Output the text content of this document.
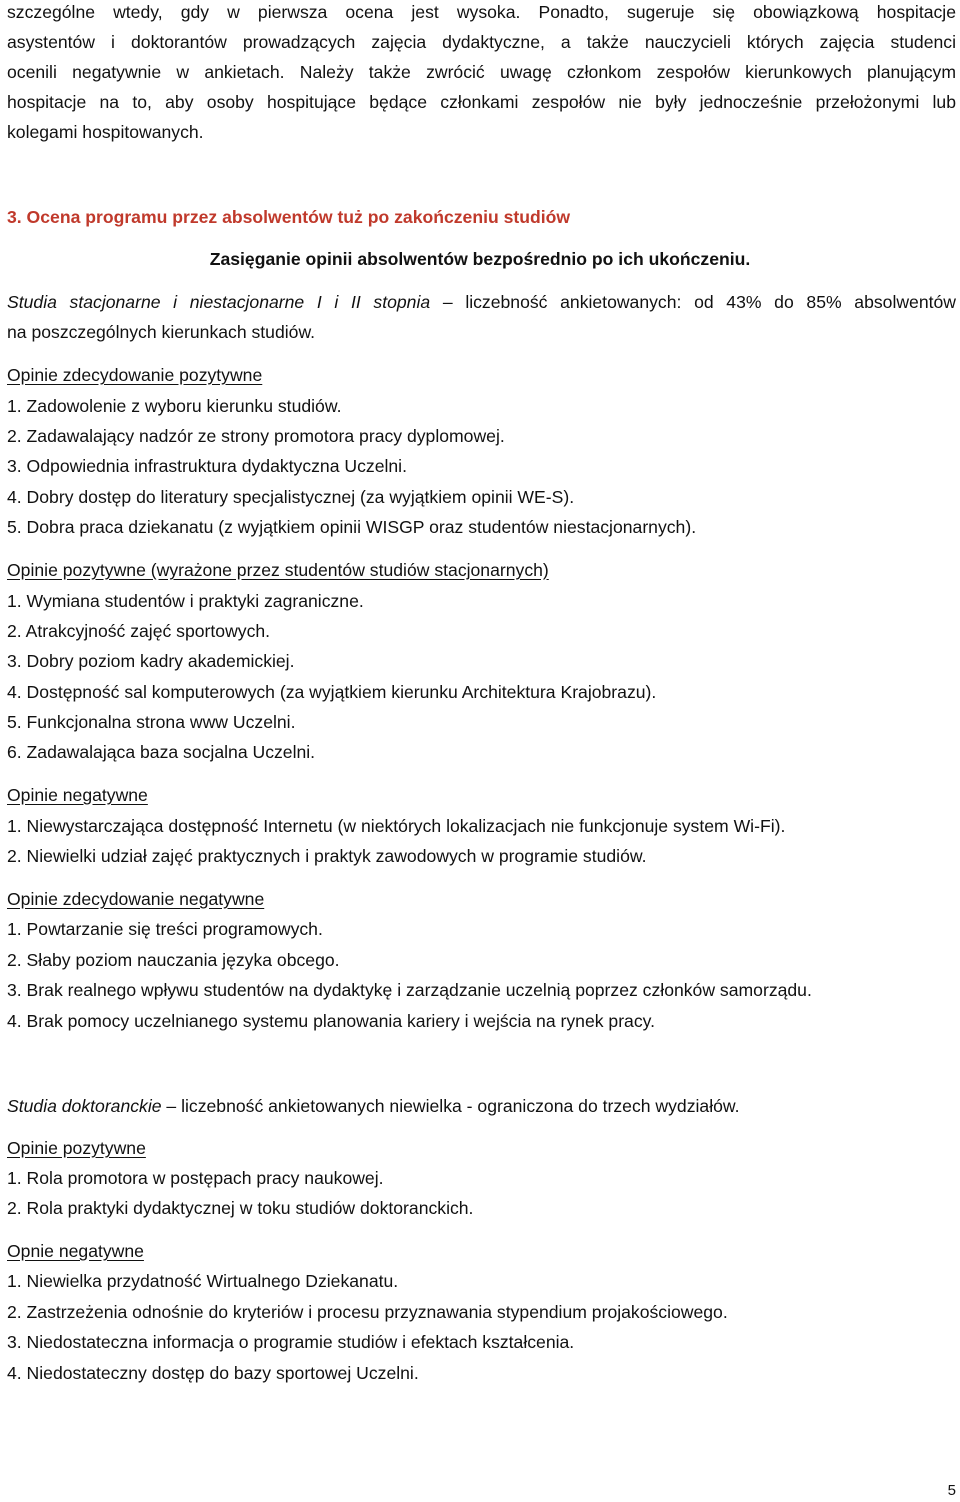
szczególne wtedy, gdy w pierwsza ocena jest wysoka. Ponadto, sugeruje się obowiązkową hospitacje
asystentów i doktorantów prowadzących zajęcia dydaktyczne, a także nauczycieli których zajęcia studenci
ocenili negatywnie w ankietach. Należy także zwrócić uwagę członkom zespołów kierunkowych planującym
hospitacje na to, aby osoby hospitujące będące członkami zespołów nie były jednocześnie przełożonymi lub
kolegami hospitowanych.
3. Ocena programu przez absolwentów tuż po zakończeniu studiów
Zasięganie opinii absolwentów bezpośrednio po ich ukończeniu.
Studia stacjonarne i niestacjonarne I i II stopnia – liczebność ankietowanych: od 43% do 85% absolwentów
na poszczególnych kierunkach studiów.
Opinie zdecydowanie pozytywne
1. Zadowolenie z wyboru kierunku studiów.
2. Zadawalający nadzór ze strony promotora pracy dyplomowej.
3. Odpowiednia infrastruktura dydaktyczna Uczelni.
4. Dobry dostęp do literatury specjalistycznej (za wyjątkiem opinii WE-S).
5. Dobra praca dziekanatu (z wyjątkiem opinii WISGP oraz studentów niestacjonarnych).
Opinie pozytywne (wyrażone przez studentów studiów stacjonarnych)
1. Wymiana studentów i praktyki zagraniczne.
2. Atrakcyjność zajęć sportowych.
3. Dobry poziom kadry akademickiej.
4. Dostępność sal komputerowych (za wyjątkiem kierunku Architektura Krajobrazu).
5. Funkcjonalna strona www Uczelni.
6. Zadawalająca baza socjalna Uczelni.
Opinie negatywne
1. Niewystarczająca dostępność Internetu (w niektórych lokalizacjach nie funkcjonuje system Wi-Fi).
2. Niewielki udział zajęć praktycznych i praktyk zawodowych w programie studiów.
Opinie zdecydowanie negatywne
1. Powtarzanie się treści programowych.
2. Słaby poziom nauczania języka obcego.
3. Brak realnego wpływu studentów na dydaktykę i zarządzanie uczelnią poprzez członków samorządu.
4. Brak pomocy uczelnianego systemu planowania kariery i wejścia na rynek pracy.
Studia doktoranckie – liczebność ankietowanych niewielka - ograniczona do trzech wydziałów.
Opinie pozytywne
1. Rola promotora w postępach pracy naukowej.
2. Rola praktyki dydaktycznej w toku studiów doktoranckich.
Opnie negatywne
1. Niewielka przydatność Wirtualnego Dziekanatu.
2. Zastrzeżenia odnośnie do kryteriów i procesu przyznawania stypendium projakościowego.
3. Niedostateczna informacja o programie studiów i efektach kształcenia.
4. Niedostateczny dostęp do bazy sportowej Uczelni.
5
